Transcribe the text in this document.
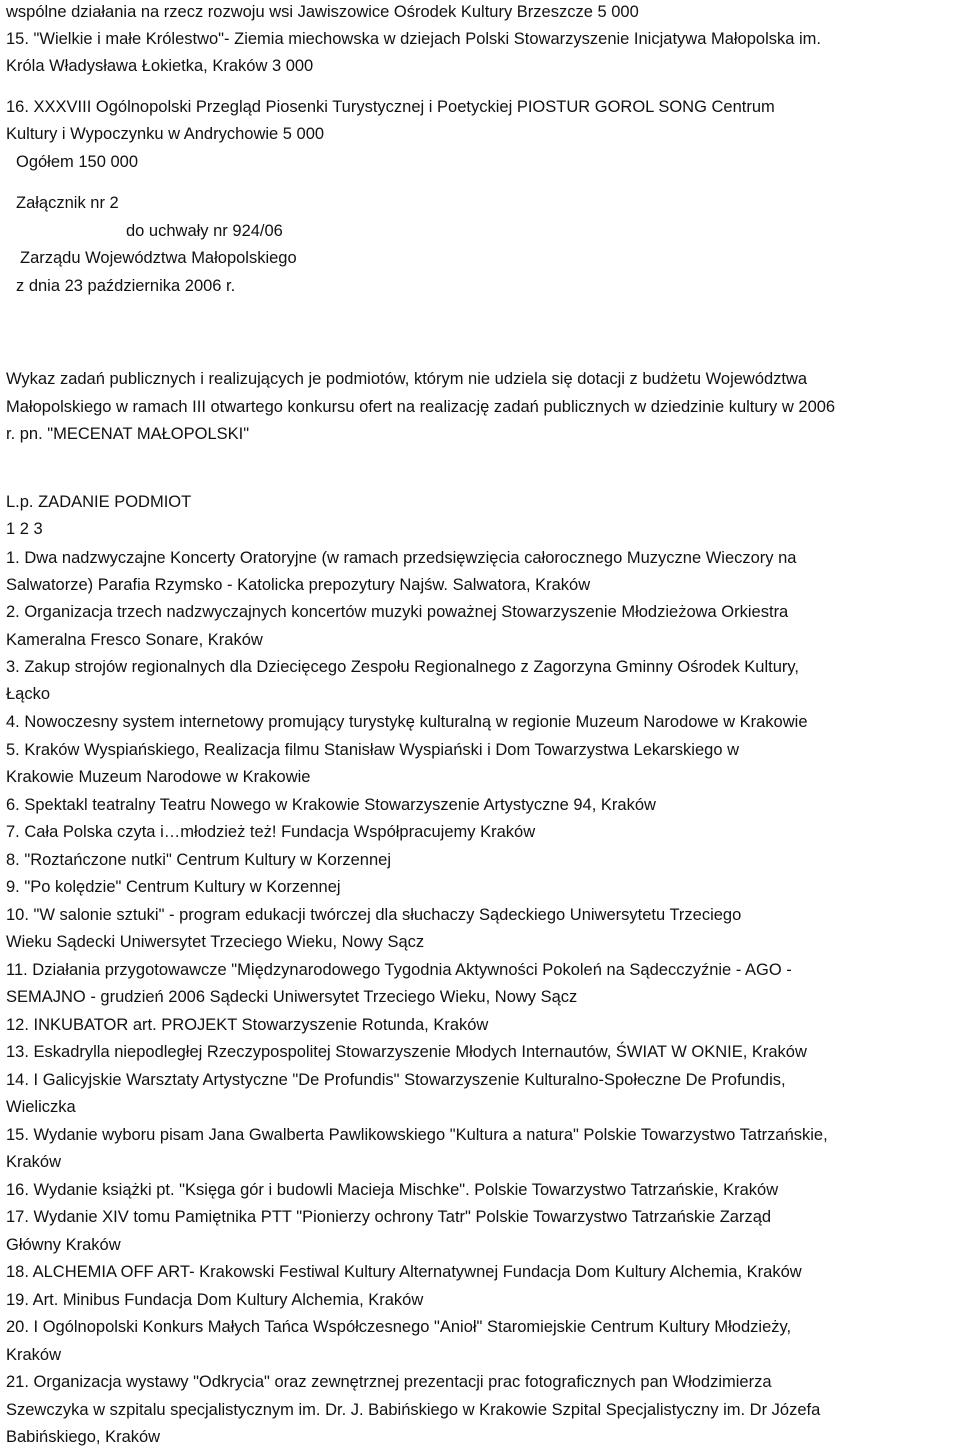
wspólne działania na rzecz rozwoju wsi Jawiszowice Ośrodek Kultury Brzeszcze 5 000
15. "Wielkie i małe Królestwo"- Ziemia miechowska w dziejach Polski Stowarzyszenie Inicjatywa Małopolska im.
Króla Władysława Łokietka, Kraków 3 000
16. XXXVIII Ogólnopolski Przegląd Piosenki Turystycznej i Poetyckiej PIOSTUR GOROL SONG Centrum
Kultury i Wypoczynku w Andrychowie 5 000
Ogółem 150 000
Załącznik nr 2
do uchwały nr 924/06
Zarządu Województwa Małopolskiego
z dnia 23 października 2006 r.
Wykaz zadań publicznych i realizujących je podmiotów, którym nie udziela się dotacji z budżetu Województwa
Małopolskiego w ramach III otwartego konkursu ofert na realizację zadań publicznych w dziedzinie kultury w 2006
r. pn. "MECENAT MAŁOPOLSKI"
L.p. ZADANIE PODMIOT
1 2 3
1. Dwa nadzwyczajne Koncerty Oratoryjne (w ramach przedsięwzięcia całorocznego Muzyczne Wieczory na
Salwatorze) Parafia Rzymsko - Katolicka prepozytury Najśw. Salwatora, Kraków
2. Organizacja trzech nadzwyczajnych koncertów muzyki poważnej Stowarzyszenie Młodzieżowa Orkiestra
Kameralna Fresco Sonare, Kraków
3. Zakup strojów regionalnych dla Dziecięcego Zespołu Regionalnego z Zagorzyna Gminny Ośrodek Kultury,
Łącko
4. Nowoczesny system internetowy promujący turystykę kulturalną w regionie Muzeum Narodowe w Krakowie
5. Kraków Wyspiańskiego, Realizacja filmu Stanisław Wyspiański i Dom Towarzystwa Lekarskiego w
Krakowie Muzeum Narodowe w Krakowie
6. Spektakl teatralny Teatru Nowego w Krakowie Stowarzyszenie Artystyczne 94, Kraków
7. Cała Polska czyta i…młodzież też! Fundacja Współpracujemy Kraków
8. "Roztańczone nutki" Centrum Kultury w Korzennej
9. "Po kolędzie" Centrum Kultury w Korzennej
10. "W salonie sztuki" - program edukacji twórczej dla słuchaczy Sądeckiego Uniwersytetu Trzeciego
Wieku Sądecki Uniwersytet Trzeciego Wieku, Nowy Sącz
11. Działania przygotowawcze "Międzynarodowego Tygodnia Aktywności Pokoleń na Sądecczyźnie - AGO -
SEMAJNO - grudzień 2006 Sądecki Uniwersytet Trzeciego Wieku, Nowy Sącz
12. INKUBATOR art. PROJEKT Stowarzyszenie Rotunda, Kraków
13. Eskadrylla niepodległej Rzeczypospolitej Stowarzyszenie Młodych Internautów, ŚWIAT W OKNIE, Kraków
14. I Galicyjskie Warsztaty Artystyczne "De Profundis" Stowarzyszenie Kulturalno-Społeczne De Profundis,
Wieliczka
15. Wydanie wyboru pisam Jana Gwalberta Pawlikowskiego "Kultura a natura" Polskie Towarzystwo Tatrzańskie,
Kraków
16. Wydanie książki pt. "Księga gór i budowli Macieja Mischke". Polskie Towarzystwo Tatrzańskie, Kraków
17. Wydanie XIV tomu Pamiętnika PTT "Pionierzy ochrony Tatr" Polskie Towarzystwo Tatrzańskie Zarząd
Główny Kraków
18. ALCHEMIA OFF ART- Krakowski Festiwal Kultury Alternatywnej Fundacja Dom Kultury Alchemia, Kraków
19. Art. Minibus Fundacja Dom Kultury Alchemia, Kraków
20. I Ogólnopolski Konkurs Małych Tańca Współczesnego "Anioł" Staromiejskie Centrum Kultury Młodzieży,
Kraków
21. Organizacja wystawy "Odkrycia" oraz zewnętrznej prezentacji prac fotograficznych pan Włodzimierza
Szewczyka w szpitalu specjalistycznym im. Dr. J. Babińskiego w Krakowie Szpital Specjalistyczny im. Dr Józefa
Babińskiego, Kraków
